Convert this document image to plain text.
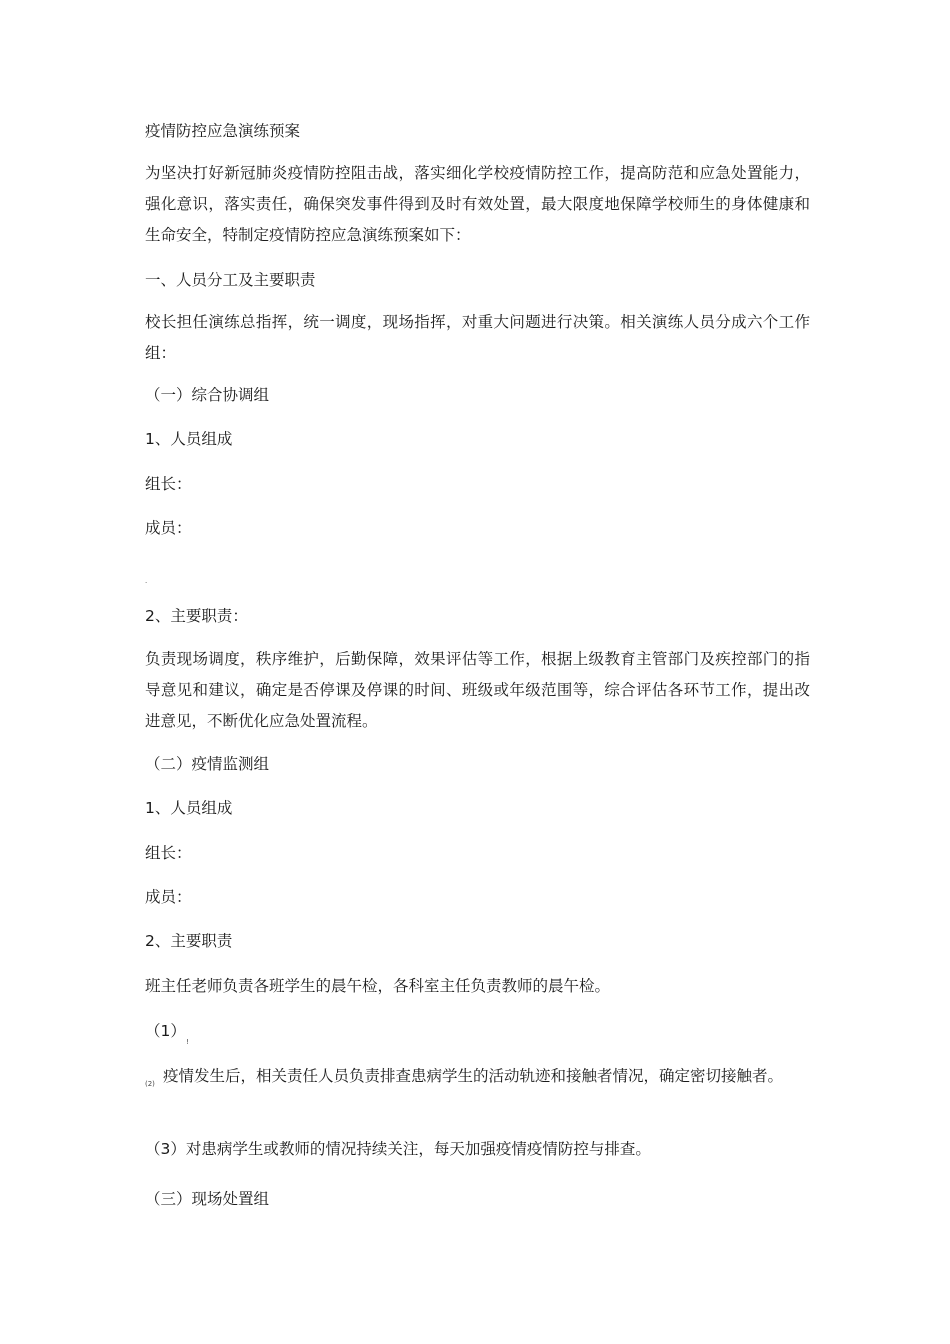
疫情防控应急演练预案
为坚决打好新冠肺炎疫情防控阻击战，落实细化学校疫情防控工作，提高防范和应急处置能力，强化意识，落实责任，确保突发事件得到及时有效处置，最大限度地保障学校师生的身体健康和生命安全，特制定疫情防控应急演练预案如下：
一、人员分工及主要职责
校长担任演练总指挥，统一调度，现场指挥，对重大问题进行决策。相关演练人员分成六个工作组：
（一）综合协调组
1、人员组成
组长：
成员：
.
2、主要职责：
负责现场调度，秩序维护，后勤保障，效果评估等工作，根据上级教育主管部门及疾控部门的指导意见和建议，确定是否停课及停课的时间、班级或年级范围等，综合评估各环节工作，提出改进意见，不断优化应急处置流程。
（二）疫情监测组
1、人员组成
组长：
成员：
2、主要职责
班主任老师负责各班学生的晨午检，各科室主任负责教师的晨午检。
（1）
!
(2) 疫情发生后，相关责任人员负责排查患病学生的活动轨迹和接触者情况，确定密切接触者。
（3）对患病学生或教师的情况持续关注，每天加强疫情疫情防控与排查。
（三）现场处置组
